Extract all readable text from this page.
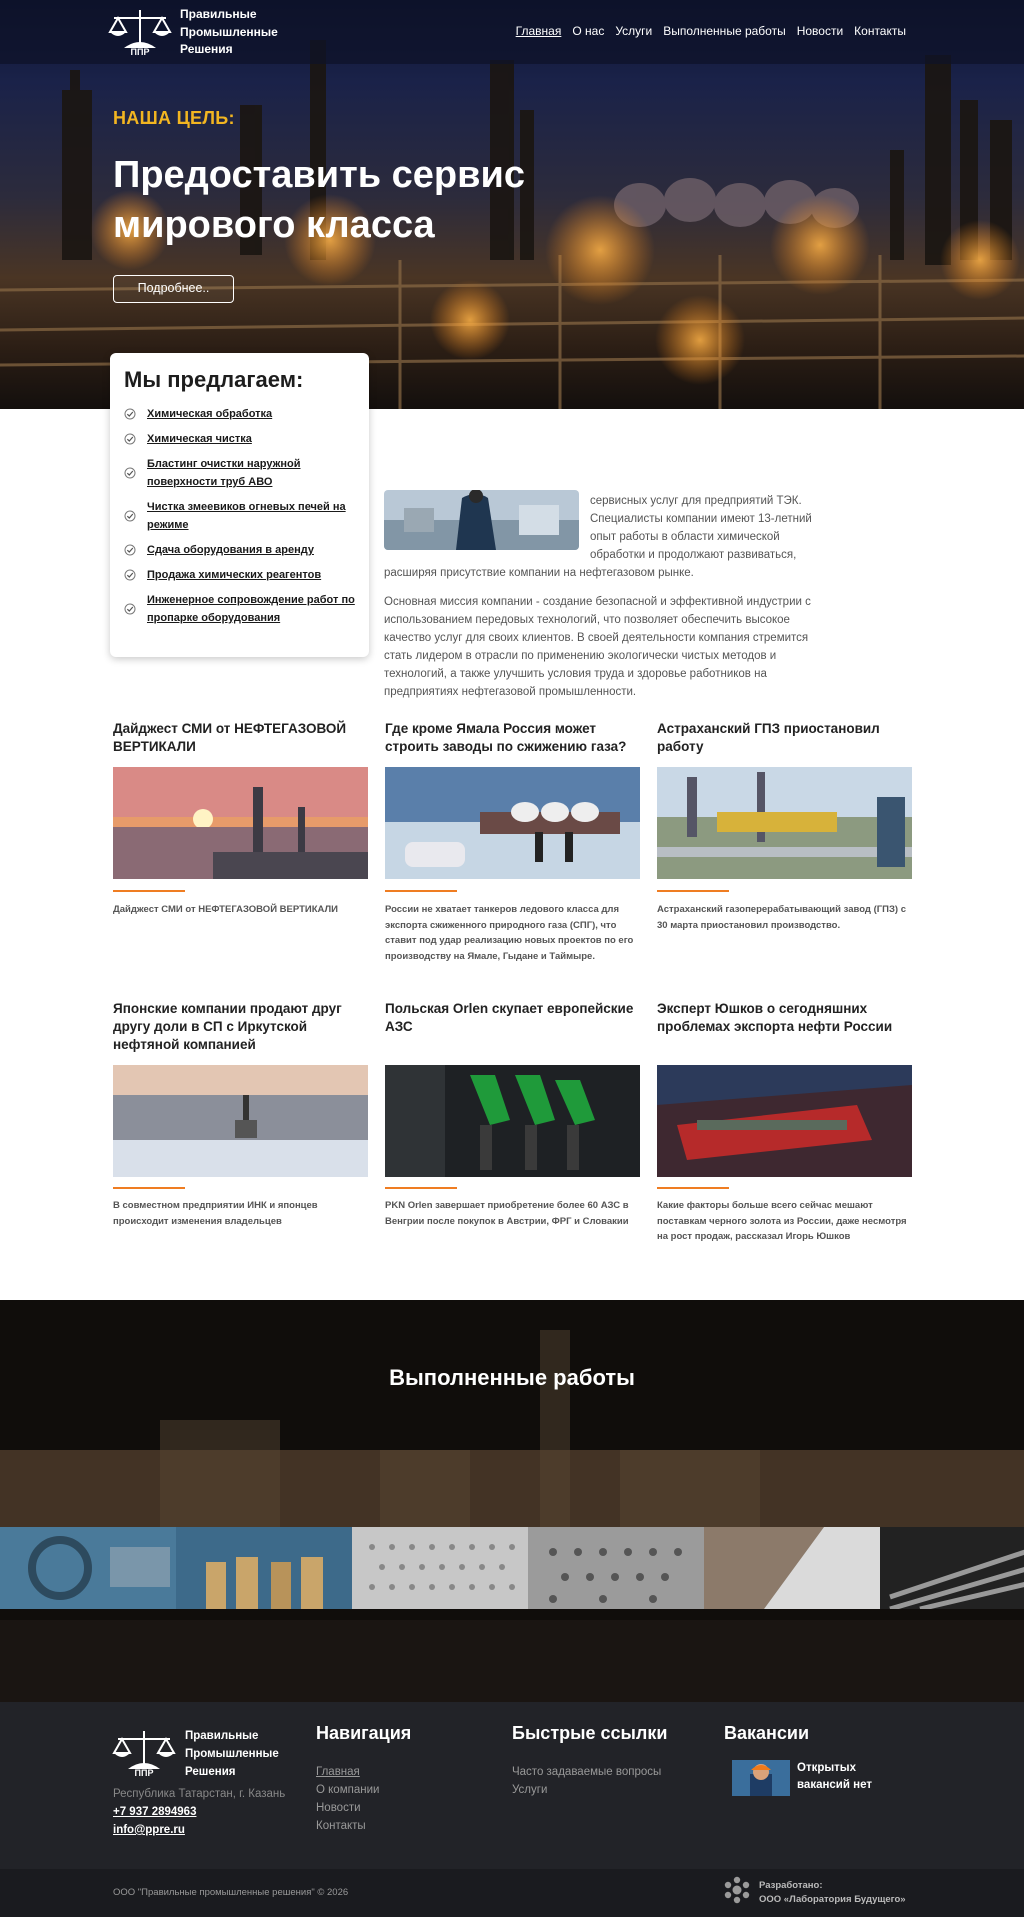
ППР
Правильные
Промышленные
Решения
Главная О нас Услуги Выполненные работы Новости Контакты
НАША ЦЕЛЬ:
Предоставить сервис мирового класса
Подробнее..
Мы предлагаем:
Химическая обработка
Химическая чистка
Бластинг очистки наружной поверхности труб АВО
Чистка змеевиков огневых печей на режиме
Сдача оборудования в аренду
Продажа химических реагентов
Инженерное сопровождение работ по пропарке оборудования
сервисных услуг для предприятий ТЭК. Специалисты компании имеют 13-летний опыт работы в области химической обработки и продолжают развиваться, расширяя присутствие компании на нефтегазовом рынке.
Основная миссия компании - создание безопасной и эффективной индустрии с использованием передовых технологий, что позволяет обеспечить высокое качество услуг для своих клиентов. В своей деятельности компания стремится стать лидером в отрасли по применению экологически чистых методов и технологий, а также улучшить условия труда и здоровье работников на предприятиях нефтегазовой промышленности.
Дайджест СМИ от НЕФТЕГАЗОВОЙ ВЕРТИКАЛИ
Дайджест СМИ от НЕФТЕГАЗОВОЙ ВЕРТИКАЛИ
Где кроме Ямала Россия может строить заводы по сжижению газа?
России не хватает танкеров ледового класса для экспорта сжиженного природного газа (СПГ), что ставит под удар реализацию новых проектов по его производству на Ямале, Гыдане и Таймыре.
Астраханский ГПЗ приостановил работу
Астраханский газоперерабатывающий завод (ГПЗ) с 30 марта приостановил производство.
Японские компании продают друг другу доли в СП с Иркутской нефтяной компанией
В совместном предприятии ИНК и японцев происходит изменения владельцев
Польская Orlen скупает европейские АЗС
PKN Orlen завершает приобретение более 60 АЗС в Венгрии после покупок в Австрии, ФРГ и Словакии
Эксперт Юшков о сегодняшних проблемах экспорта нефти России
Какие факторы больше всего сейчас мешают поставкам черного золота из России, даже несмотря на рост продаж, рассказал Игорь Юшков
Выполненные работы
ППР
Правильные
Промышленные
Решения
Республика Татарстан, г. Казань
+7 937 2894963
info@ppre.ru
Навигация
Главная
О компании
Новости
Контакты
Быстрые ссылки
Часто задаваемые вопросы
Услуги
Вакансии
Открытых вакансий нет
ООО "Правильные промышленные решения" © 2026
Разработано:
ООО «Лаборатория Будущего»
